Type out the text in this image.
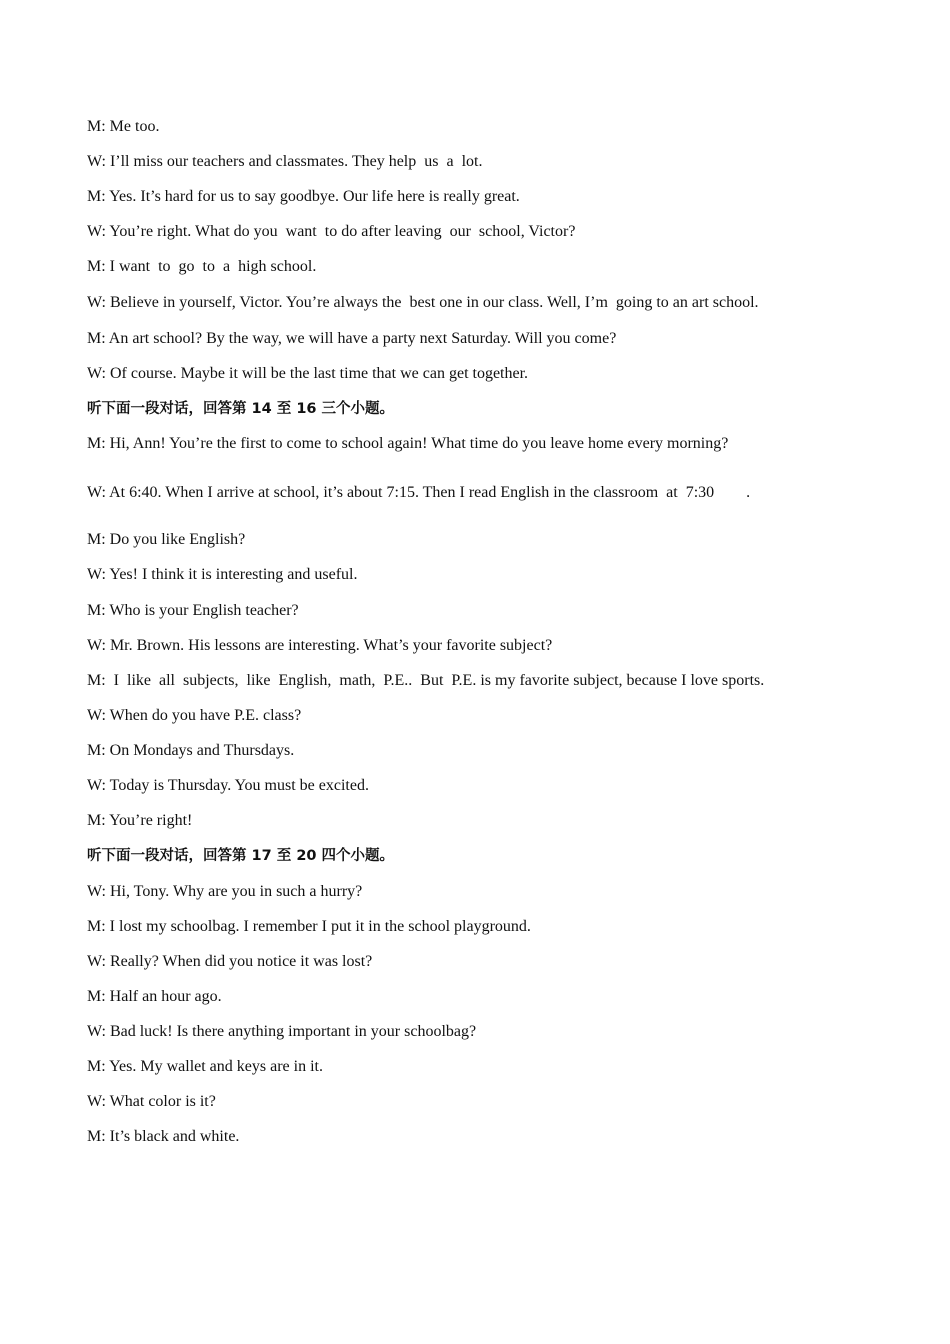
M: Me too.
W: I’ll miss our teachers and classmates. They help  us  a  lot.
M: Yes. It’s hard for us to say goodbye. Our life here is really great.
W: You’re right. What do you  want  to do after leaving  our  school, Victor?
M: I want  to  go  to  a  high school.
W: Believe in yourself, Victor. You’re always the  best one in our class. Well, I’m  going to an art school.
M: An art school? By the way, we will have a party next Saturday. Will you come?
W: Of course. Maybe it will be the last time that we can get together.
听下面一段对话，回答第 14 至 16 三个小题。
M: Hi, Ann! You’re the first to come to school again! What time do you leave home every morning?
W: At 6:40. When I arrive at school, it’s about 7:15. Then I read English in the classroom  at  7:30        .
M: Do you like English?
W: Yes! I think it is interesting and useful.
M: Who is your English teacher?
W: Mr. Brown. His lessons are interesting. What’s your favorite subject?
M:  I  like  all  subjects,  like  English,  math,  P.E..  But  P.E. is my favorite subject, because I love sports.
W: When do you have P.E. class?
M: On Mondays and Thursdays.
W: Today is Thursday. You must be excited.
M: You’re right!
听下面一段对话，回答第 17 至 20 四个小题。
W: Hi, Tony. Why are you in such a hurry?
M: I lost my schoolbag. I remember I put it in the school playground.
W: Really? When did you notice it was lost?
M: Half an hour ago.
W: Bad luck! Is there anything important in your schoolbag?
M: Yes. My wallet and keys are in it.
W: What color is it?
M: It’s black and white.
